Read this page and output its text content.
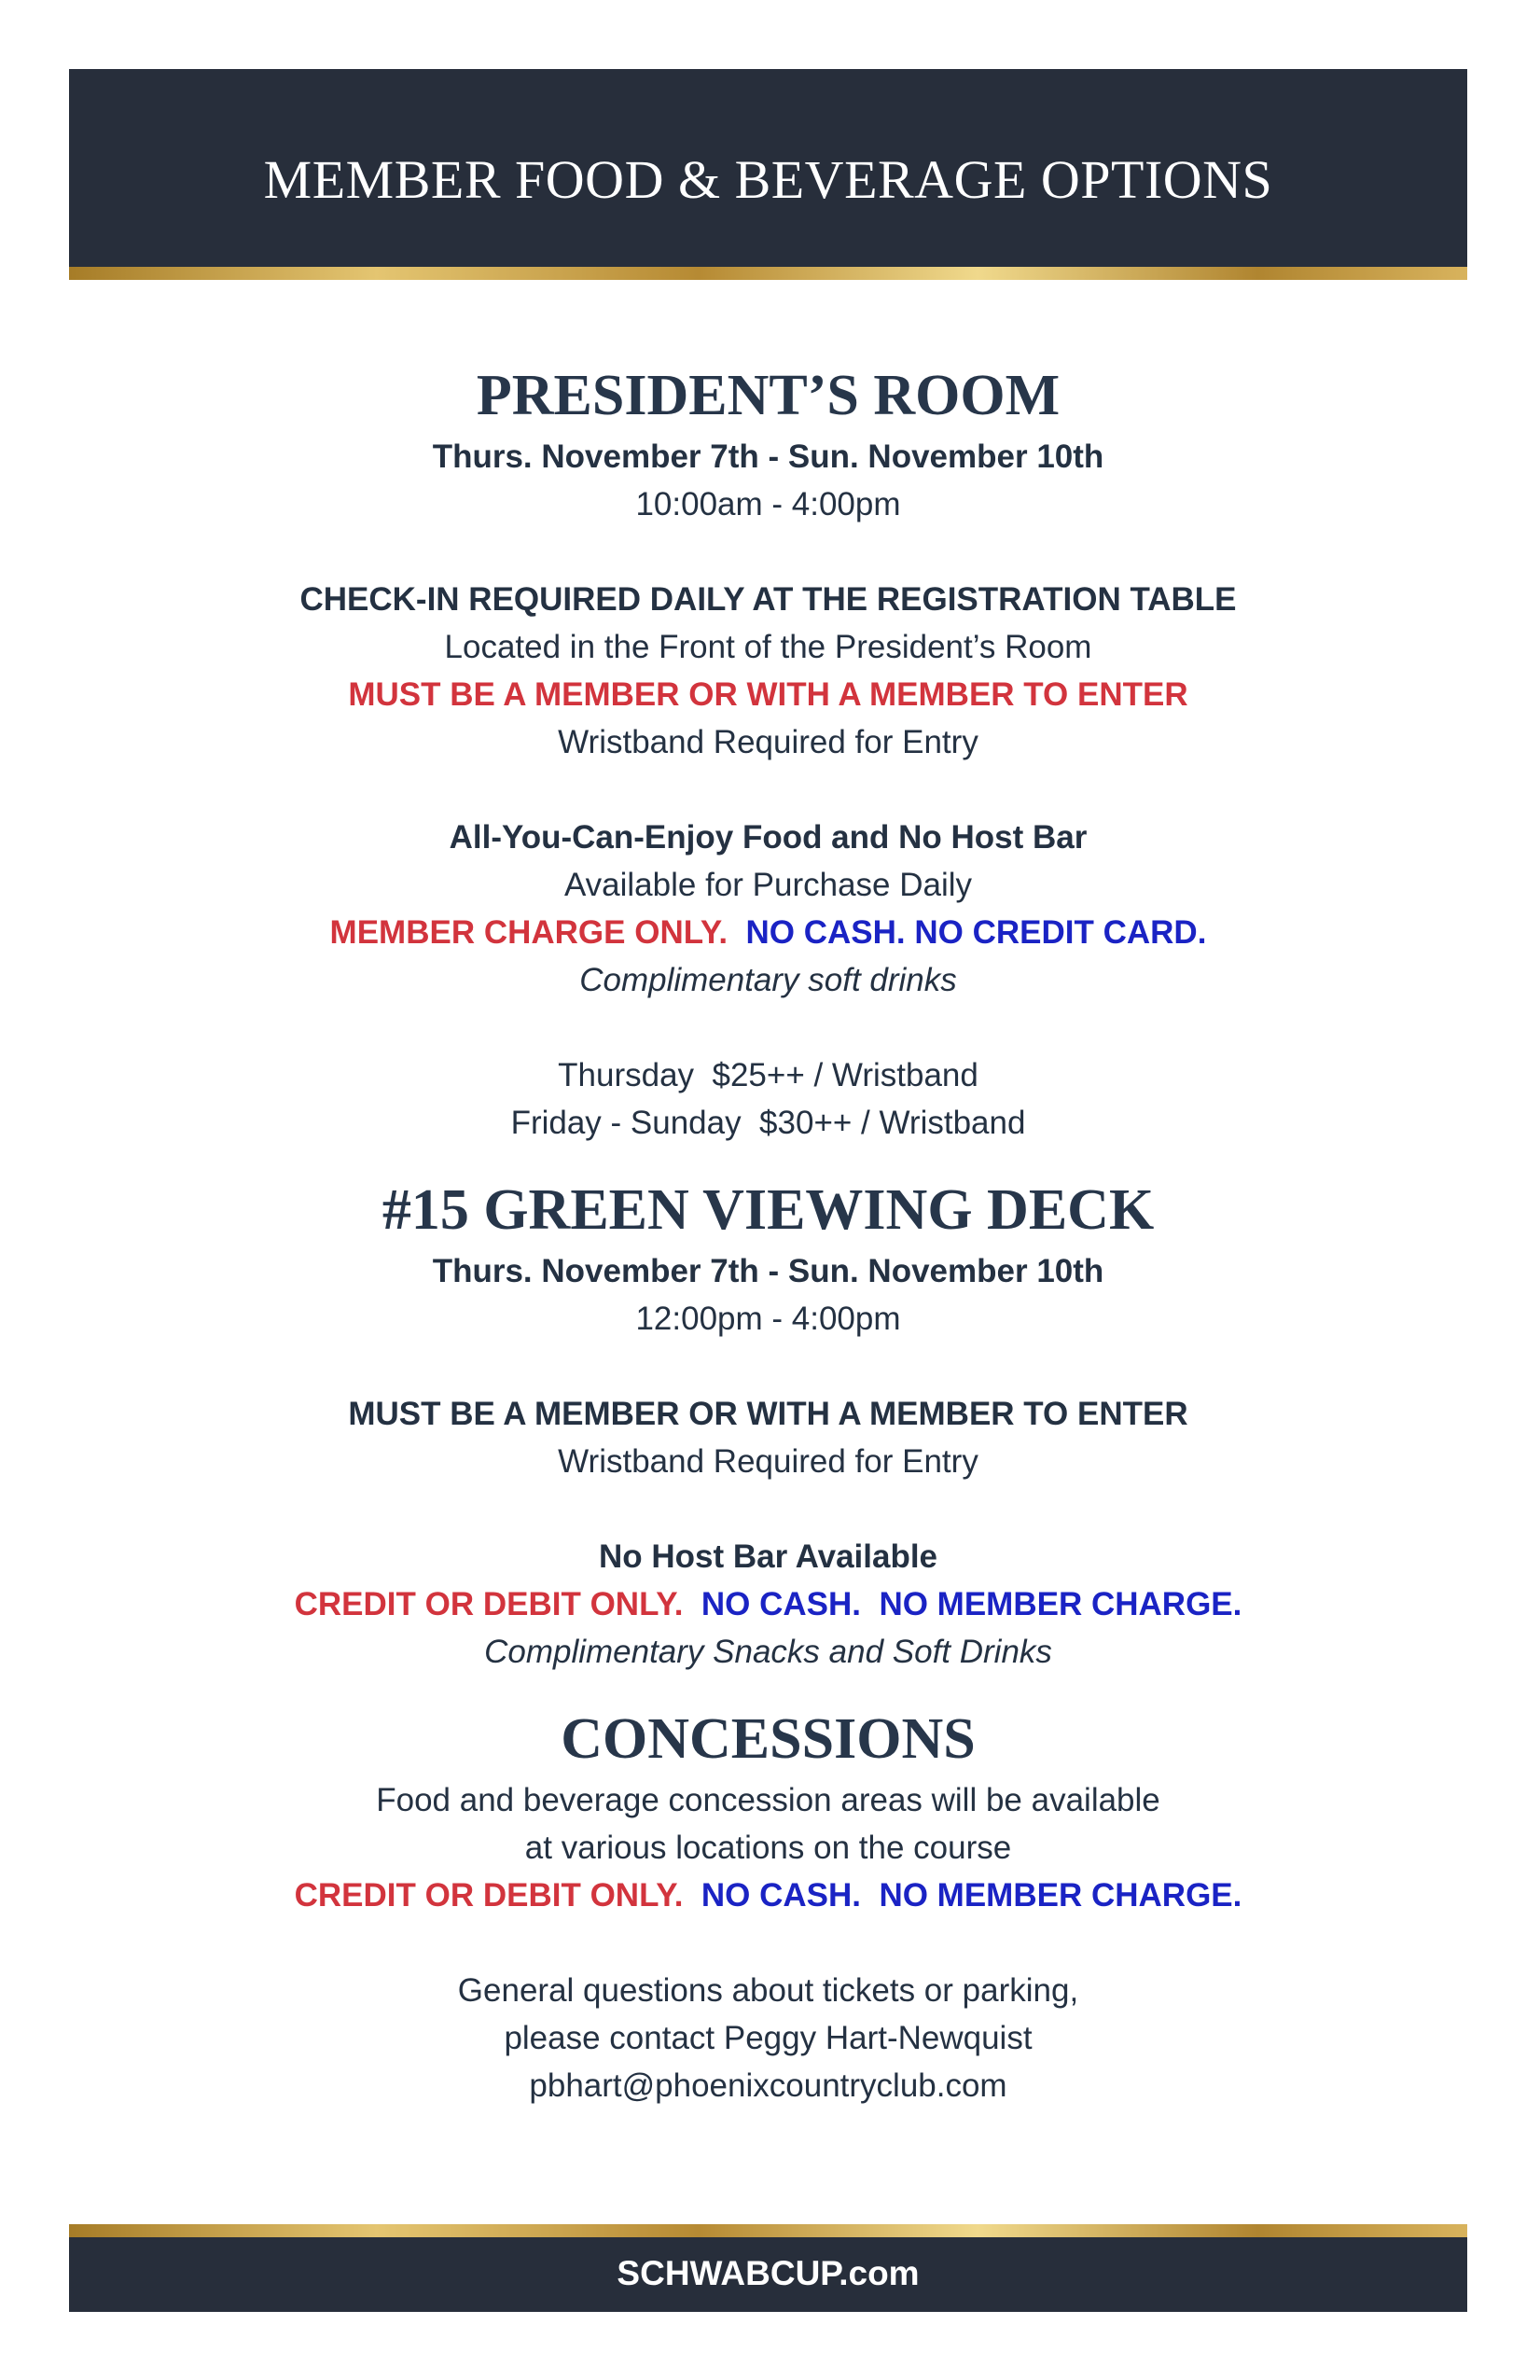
MEMBER FOOD & BEVERAGE OPTIONS
PRESIDENT’S ROOM

Thurs. November 7th - Sun. November 10th

10:00am - 4:00pm

CHECK-IN REQUIRED DAILY AT THE REGISTRATION TABLE

Located in the Front of the President’s Room

MUST BE A MEMBER OR WITH A MEMBER TO ENTER

Wristband Required for Entry

All-You-Can-Enjoy Food and No Host Bar

Available for Purchase Daily

MEMBER CHARGE ONLY. NO CASH. NO CREDIT CARD.

Complimentary soft drinks

Thursday  $25++ / Wristband

Friday - Sunday  $30++ / Wristband

#15 GREEN VIEWING DECK

Thurs. November 7th - Sun. November 10th

12:00pm - 4:00pm

MUST BE A MEMBER OR WITH A MEMBER TO ENTER

Wristband Required for Entry

No Host Bar Available

CREDIT OR DEBIT ONLY. NO CASH.  NO MEMBER CHARGE.

Complimentary Snacks and Soft Drinks

CONCESSIONS

Food and beverage concession areas will be available

at various locations on the course

CREDIT OR DEBIT ONLY. NO CASH.  NO MEMBER CHARGE.

General questions about tickets or parking,

please contact Peggy Hart-Newquist

pbhart@phoenixcountryclub.com

SCHWABCUP.com
